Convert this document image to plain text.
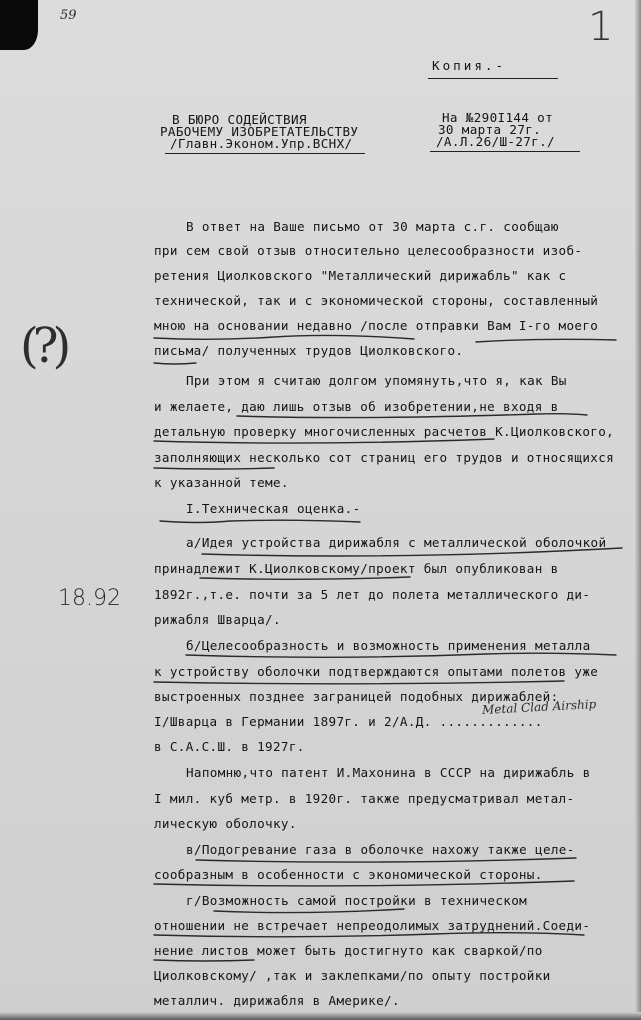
59	1
Копия.-
В БЮРО СОДЕЙСТВИЯ
РАБОЧЕМУ ИЗОБРЕТАТЕЛЬСТВУ
/Главн.Эконом.Упр.ВСНХ/
На №290I144 от
30 марта 27г.
/А.Л.26/Ш-27г./
В ответ на Ваше письмо от 30 марта с.г. сообщаю
при сем свой отзыв относительно целесообразности изоб-
ретения Циолковского "Металлический дирижабль" как с
технической, так и с экономической стороны, составленный
мною на основании недавно /после отправки Вам I-го моего
письма/ полученных трудов Циолковского.
При этом я считаю долгом упомянуть,что я, как Вы
и желаете, даю лишь отзыв об изобретении,не входя в
детальную проверку многочисленных расчетов К.Циолковского,
заполняющих несколько сот страниц его трудов и относящихся
к указанной теме.
I.Техническая оценка.-
а/Идея устройства дирижабля с металлической оболочкой
принадлежит К.Циолковскому/проект был опубликован в
1892г.,т.е. почти за 5 лет до полета металлического ди-
рижабля Шварца/.
б/Целесообразность и возможность применения металла
к устройству оболочки подтверждаются опытами полетов уже
выстроенных позднее заграницей подобных дирижаблей:
I/Шварца в Германии 1897г. и 2/А.Д. .............
в С.А.С.Ш. в 1927г.
Напомню,что патент И.Махонина в СССР на дирижабль в
I мил. куб метр. в 1920г. также предусматривал метал-
лическую оболочку.
в/Подогревание газа в оболочке нахожу также целе-
сообразным в особенности с экономической стороны.
г/Возможность самой постройки в техническом
отношении не встречает непреодолимых затруднений.Соеди-
нение листов может быть достигнуто как сваркой/по
Циолковскому/ ,так и заклепками/по опыту постройки
металлич. дирижабля в Америке/.
(?)
18.92
Metal Clad Airship
